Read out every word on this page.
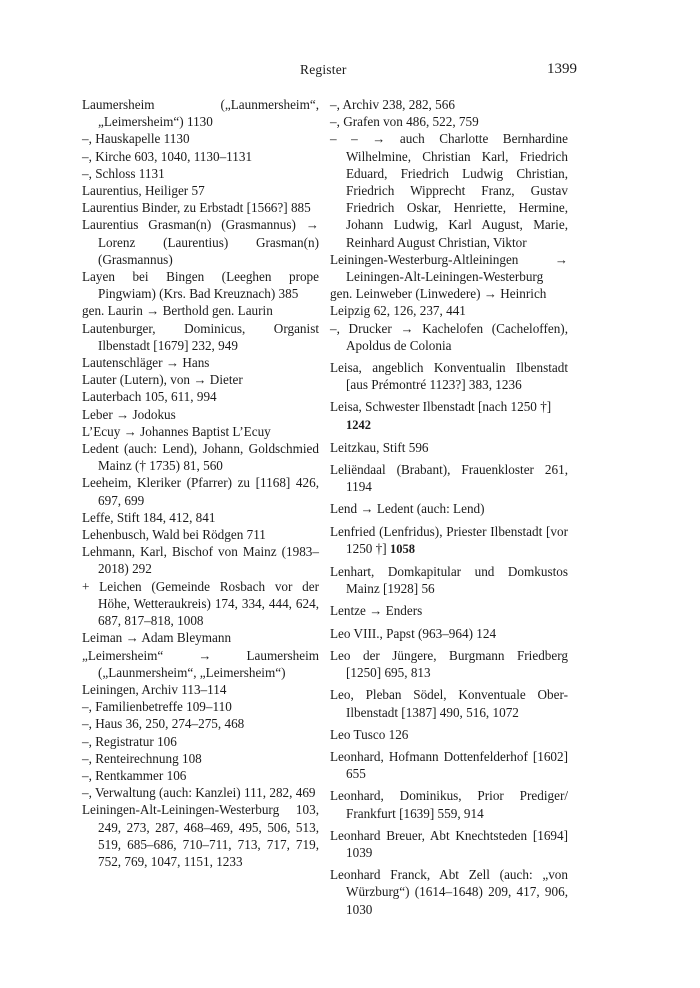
Register	1399
Laumersheim („Launmersheim“, „Leimersheim“) 1130
–, Hauskapelle 1130
–, Kirche 603, 1040, 1130–1131
–, Schloss 1131
Laurentius, Heiliger 57
Laurentius Binder, zu Erbstadt [1566?] 885
Laurentius Grasman(n) (Grasmannus) → Lorenz (Laurentius) Grasman(n) (Grasmannus)
Layen bei Bingen (Leeghen prope Pingwiam) (Krs. Bad Kreuznach) 385
gen. Laurin → Berthold gen. Laurin
Lautenburger, Dominicus, Organist Ilbenstadt [1679] 232, 949
Lautenschläger → Hans
Lauter (Lutern), von → Dieter
Lauterbach 105, 611, 994
Leber → Jodokus
L’Ecuy → Johannes Baptist L’Ecuy
Ledent (auch: Lend), Johann, Goldschmied Mainz († 1735) 81, 560
Leeheim, Kleriker (Pfarrer) zu [1168] 426, 697, 699
Leffe, Stift 184, 412, 841
Lehenbusch, Wald bei Rödgen 711
Lehmann, Karl, Bischof von Mainz (1983–2018) 292
+ Leichen (Gemeinde Rosbach vor der Höhe, Wetteraukreis) 174, 334, 444, 624, 687, 817–818, 1008
Leiman → Adam Bleymann
„Leimersheim“ → Laumersheim („Launmersheim“, „Leimersheim“)
Leiningen, Archiv 113–114
–, Familienbetreffe 109–110
–, Haus 36, 250, 274–275, 468
–, Registratur 106
–, Renteirechnung 108
–, Rentkammer 106
–, Verwaltung (auch: Kanzlei) 111, 282, 469
Leiningen-Alt-Leiningen-Westerburg 103, 249, 273, 287, 468–469, 495, 506, 513, 519, 685–686, 710–711, 713, 717, 719, 752, 769, 1047, 1151, 1233
–, Archiv 238, 282, 566
–, Grafen von 486, 522, 759
– – → auch Charlotte Bernhardine Wilhelmine, Christian Karl, Friedrich Eduard, Friedrich Ludwig Christian, Friedrich Wipprecht Franz, Gustav Friedrich Oskar, Henriette, Hermine, Johann Ludwig, Karl August, Marie, Reinhard August Christian, Viktor
Leiningen-Westerburg-Altleiningen → Leiningen-Alt-Leiningen-Westerburg
gen. Leinweber (Linwedere) → Heinrich
Leipzig 62, 126, 237, 441
–, Drucker → Kachelofen (Cacheloffen), Apoldus de Colonia
Leisa, angeblich Konventualin Ilbenstadt [aus Prémontré 1123?] 383, 1236
Leisa, Schwester Ilbenstadt [nach 1250 †]
1242
Leitzkau, Stift 596
Leliëndaal (Brabant), Frauenkloster 261, 1194
Lend → Ledent (auch: Lend)
Lenfried (Lenfridus), Priester Ilbenstadt [vor 1250 †] 1058
Lenhart, Domkapitular und Domkustos Mainz [1928] 56
Lentze → Enders
Leo VIII., Papst (963–964) 124
Leo der Jüngere, Burgmann Friedberg [1250] 695, 813
Leo, Pleban Södel, Konventuale Ober-Ilbenstadt [1387] 490, 516, 1072
Leo Tusco 126
Leonhard, Hofmann Dottenfelderhof [1602] 655
Leonhard, Dominikus, Prior Prediger/ Frankfurt [1639] 559, 914
Leonhard Breuer, Abt Knechtsteden [1694] 1039
Leonhard Franck, Abt Zell (auch: „von Würzburg“) (1614–1648) 209, 417, 906, 1030
